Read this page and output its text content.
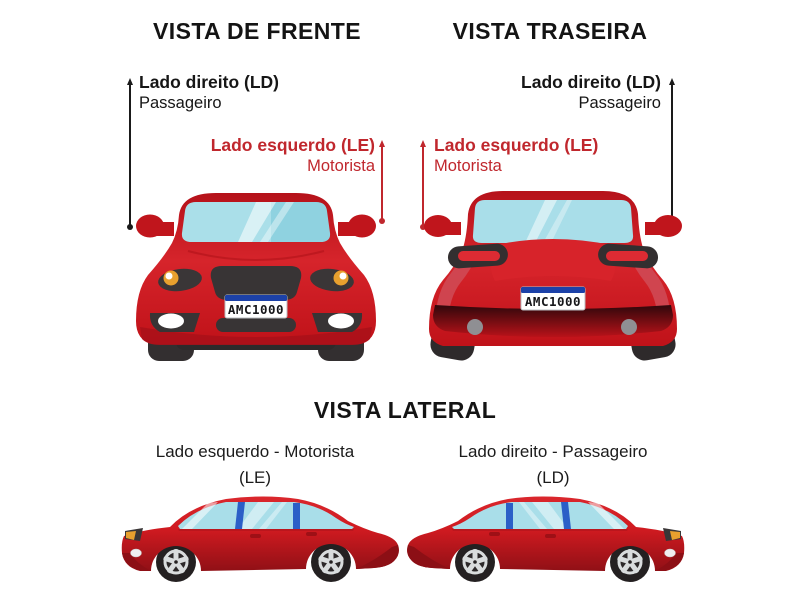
VISTA DE FRENTE	VISTA TRASEIRA
VISTA LATERAL
Lado direito (LD)
Passageiro
Lado esquerdo (LE)
Motorista
Lado direito (LD)
Passageiro
Lado esquerdo (LE)
Motorista
AMC1000
AMC1000
Lado esquerdo - Motorista
(LE)
Lado direito - Passageiro
(LD)
